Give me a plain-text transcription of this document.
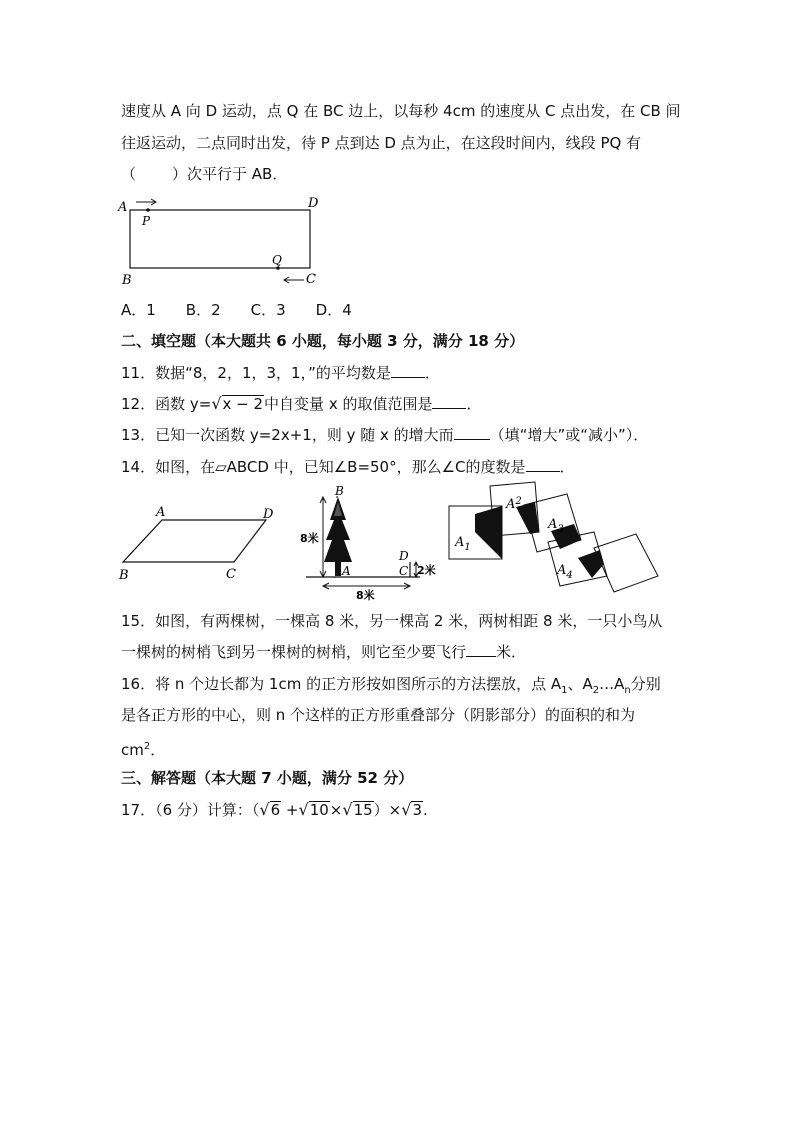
速度从 A 向 D 运动，点 Q 在 BC 边上，以每秒 4cm 的速度从 C 点出发，在 CB 间
往返运动，二点同时出发，待 P 点到达 D 点为止，在这段时间内，线段 PQ 有
（ ）次平行于 AB．
A	D
P
Q
B	C
A．1　　B．2　　C．3　　D．4
二、填空题（本大题共 6 小题，每小题 3 分，满分 18 分）
11．数据“8，2，1，3，1，”的平均数是 ．
12．函数 y=√x − 2中自变量 x 的取值范围是 ．
13．已知一次函数 y=2x+1，则 y 随 x 的增大而 （填“增大”或“减小”）．
14．如图，在▱ABCD 中，已知∠B=50°，那么∠C的度数是 ．
A	D
B	C
B
A
D
C
8米
2米
8米
$A_1$
$A^2$
$A_3$
$A_4$
15．如图，有两棵树，一棵高 8 米，另一棵高 2 米，两树相距 8 米，一只小鸟从
一棵树的树梢飞到另一棵树的树梢，则它至少要飞行 米．
16．将 n 个边长都为 1cm 的正方形按如图所示的方法摆放，点 $A_1$、$A_2\dots A_n$分别
是各正方形的中心，则 n 个这样的正方形重叠部分（阴影部分）的面积的和为
$cm^2$．
三、解答题（本大题 7 小题，满分 52 分）
17．（6 分）计算：（√6 +√10×√15）×√3.
